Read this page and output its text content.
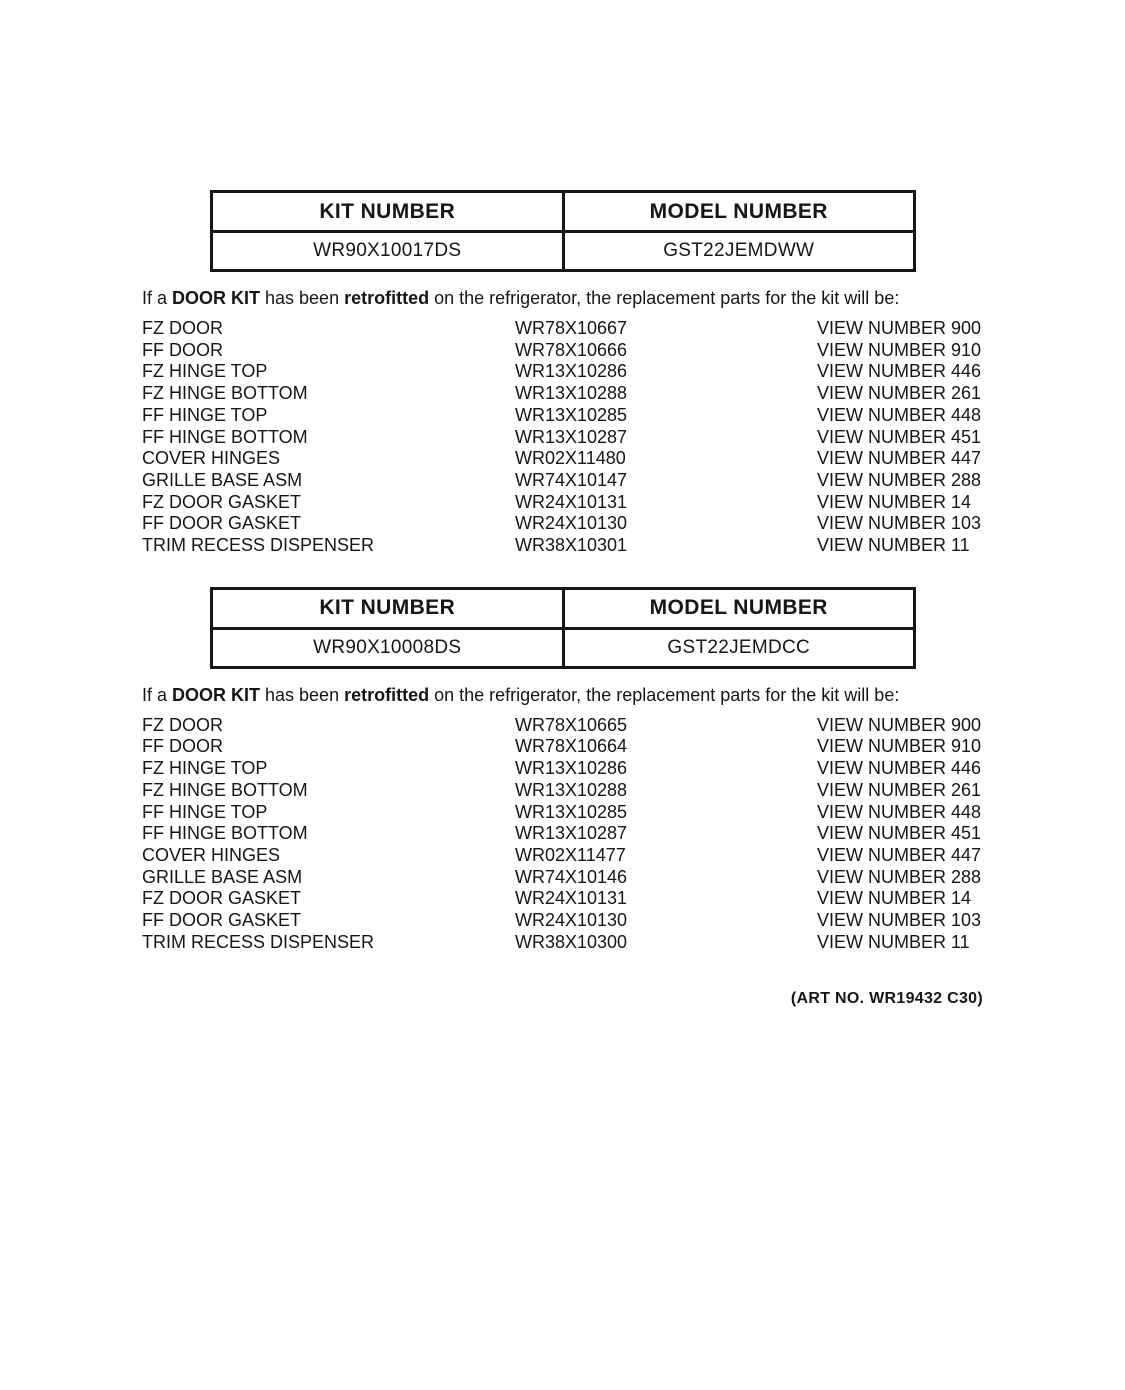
KIT NUMBER	MODEL NUMBER
WR90X10017DS	GST22JEMDWW

If a DOOR KIT has been retrofitted on the refrigerator, the replacement parts for the kit will be:

FZ DOOR	WR78X10667	VIEW NUMBER 900
FF DOOR	WR78X10666	VIEW NUMBER 910
FZ HINGE TOP	WR13X10286	VIEW NUMBER 446
FZ HINGE BOTTOM	WR13X10288	VIEW NUMBER 261
FF HINGE TOP	WR13X10285	VIEW NUMBER 448
FF HINGE BOTTOM	WR13X10287	VIEW NUMBER 451
COVER HINGES	WR02X11480	VIEW NUMBER 447
GRILLE BASE ASM	WR74X10147	VIEW NUMBER 288
FZ DOOR GASKET	WR24X10131	VIEW NUMBER 14
FF DOOR GASKET	WR24X10130	VIEW NUMBER 103
TRIM RECESS DISPENSER	WR38X10301	VIEW NUMBER 11
KIT NUMBER	MODEL NUMBER
WR90X10008DS	GST22JEMDCC

If a DOOR KIT has been retrofitted on the refrigerator, the replacement parts for the kit will be:

FZ DOOR	WR78X10665	VIEW NUMBER 900
FF DOOR	WR78X10664	VIEW NUMBER 910
FZ HINGE TOP	WR13X10286	VIEW NUMBER 446
FZ HINGE BOTTOM	WR13X10288	VIEW NUMBER 261
FF HINGE TOP	WR13X10285	VIEW NUMBER 448
FF HINGE BOTTOM	WR13X10287	VIEW NUMBER 451
COVER HINGES	WR02X11477	VIEW NUMBER 447
GRILLE BASE ASM	WR74X10146	VIEW NUMBER 288
FZ DOOR GASKET	WR24X10131	VIEW NUMBER 14
FF DOOR GASKET	WR24X10130	VIEW NUMBER 103
TRIM RECESS DISPENSER	WR38X10300	VIEW NUMBER 11
(ART NO. WR19432 C30)
